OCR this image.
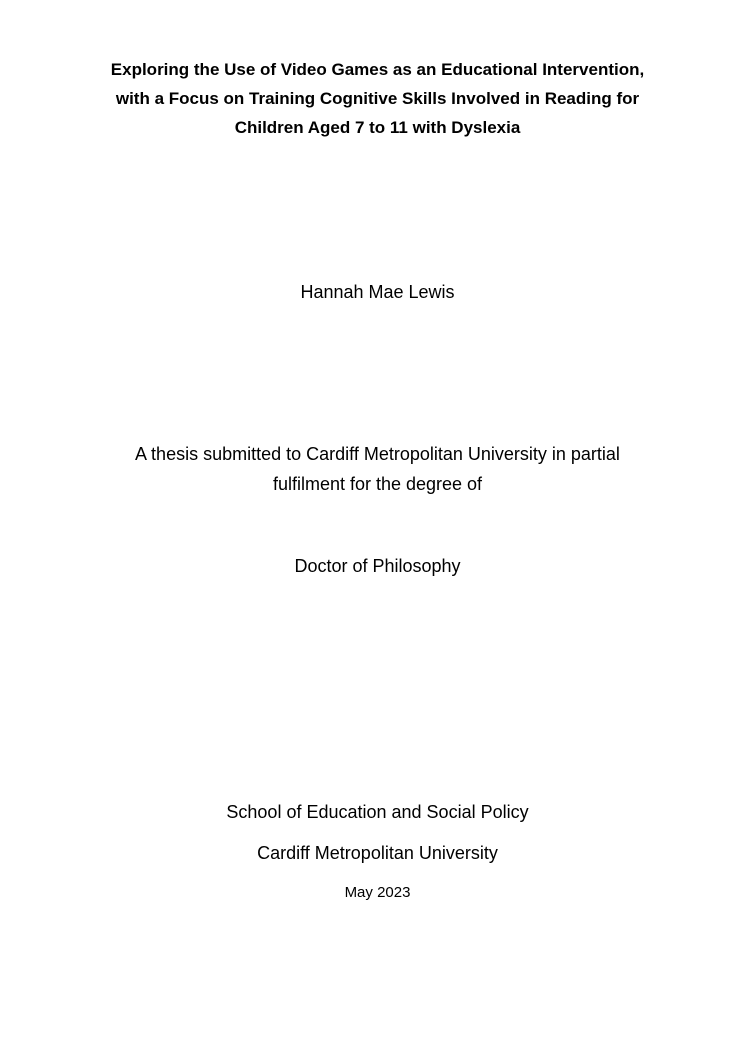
Exploring the Use of Video Games as an Educational Intervention,
with a Focus on Training Cognitive Skills Involved in Reading for
Children Aged 7 to 11 with Dyslexia
Hannah Mae Lewis
A thesis submitted to Cardiff Metropolitan University in partial
fulfilment for the degree of
Doctor of Philosophy
School of Education and Social Policy
Cardiff Metropolitan University
May 2023
